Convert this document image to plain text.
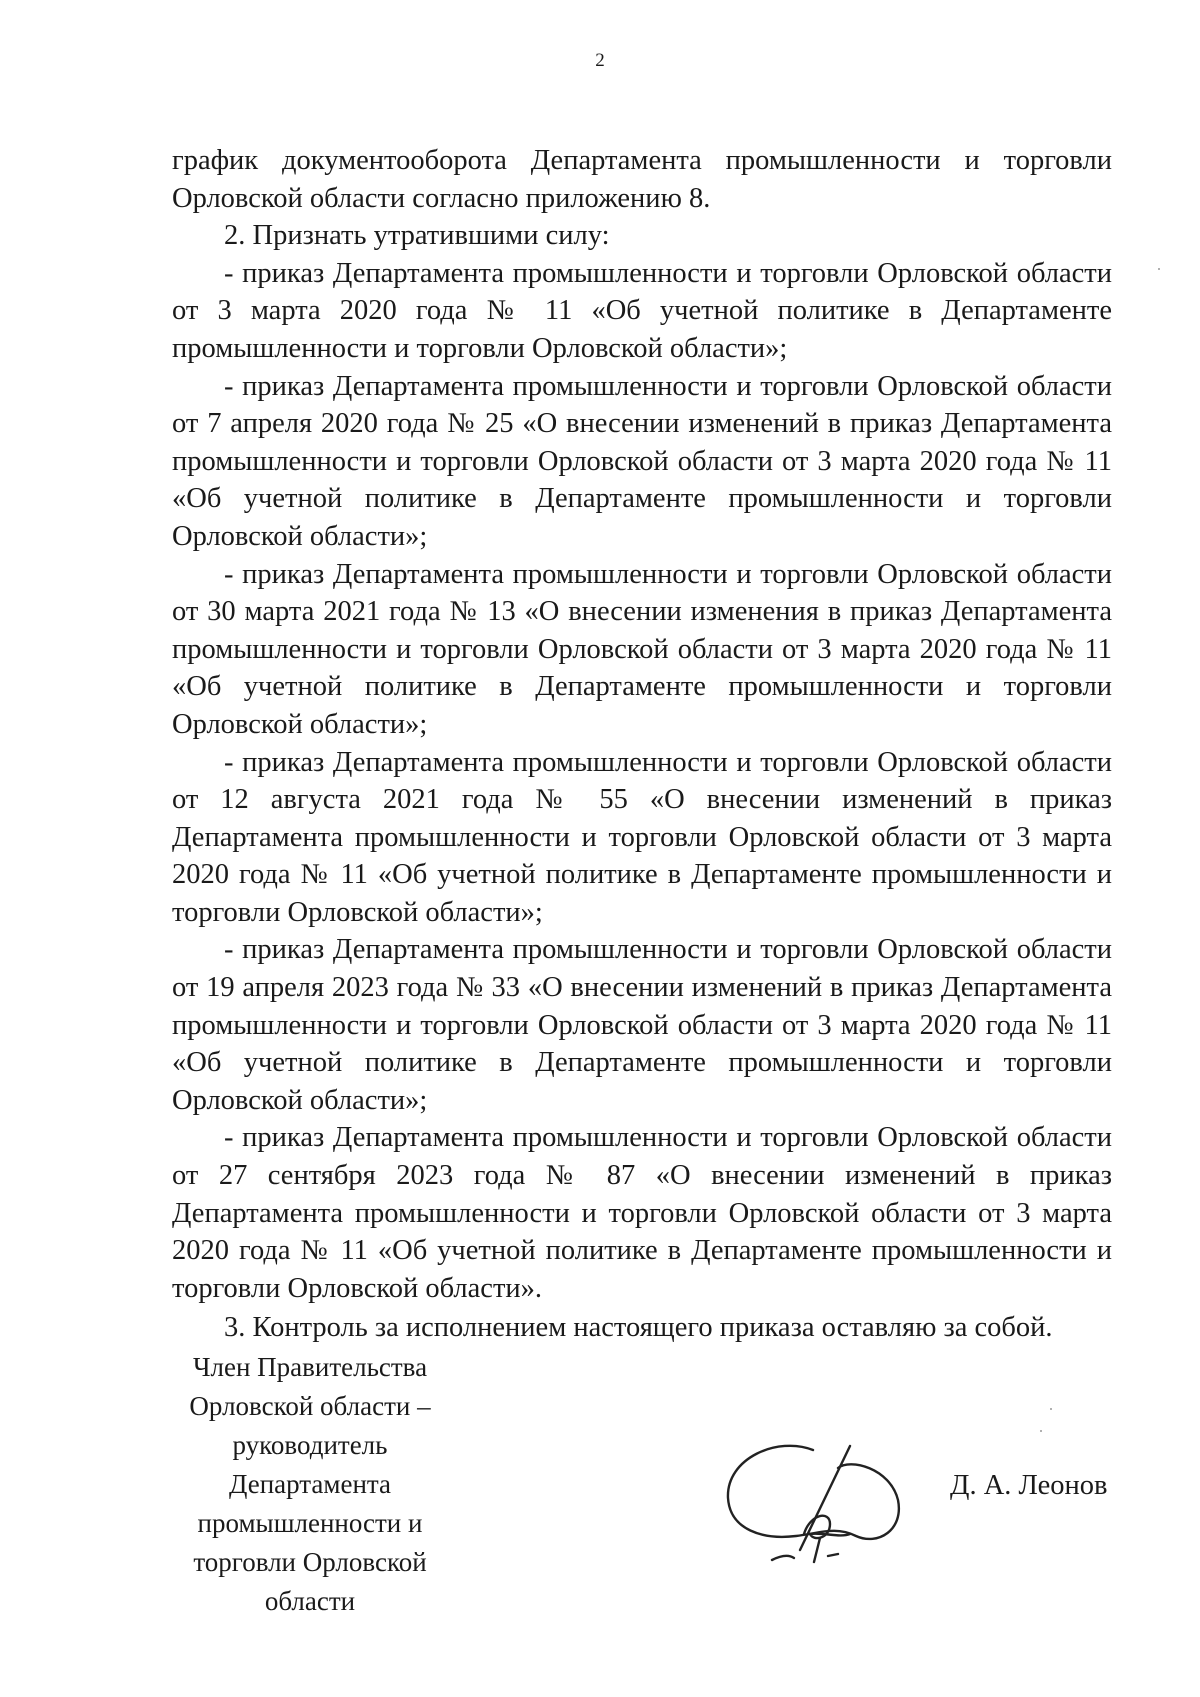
2

график документооборота Департамента промышленности и торговли Орловской области согласно приложению 8.

2. Признать утратившими силу:

- приказ Департамента промышленности и торговли Орловской области от 3 марта 2020 года № 11 «Об учетной политике в Департаменте промышленности и торговли Орловской области»;

- приказ Департамента промышленности и торговли Орловской области от 7 апреля 2020 года № 25 «О внесении изменений в приказ Департамента промышленности и торговли Орловской области от 3 марта 2020 года № 11 «Об учетной политике в Департаменте промышленности и торговли Орловской области»;

- приказ Департамента промышленности и торговли Орловской области от 30 марта 2021 года № 13 «О внесении изменения в приказ Департамента промышленности и торговли Орловской области от 3 марта 2020 года № 11 «Об учетной политике в Департаменте промышленности и торговли Орловской области»;

- приказ Департамента промышленности и торговли Орловской области от 12 августа 2021 года № 55 «О внесении изменений в приказ Департамента промышленности и торговли Орловской области от 3 марта 2020 года № 11 «Об учетной политике в Департаменте промышленности и торговли Орловской области»;

- приказ Департамента промышленности и торговли Орловской области от 19 апреля 2023 года № 33 «О внесении изменений в приказ Департамента промышленности и торговли Орловской области от 3 марта 2020 года № 11 «Об учетной политике в Департаменте промышленности и торговли Орловской области»;

- приказ Департамента промышленности и торговли Орловской области от 27 сентября 2023 года № 87 «О внесении изменений в приказ Департамента промышленности и торговли Орловской области от 3 марта 2020 года № 11 «Об учетной политике в Департаменте промышленности и торговли Орловской области».

3. Контроль за исполнением настоящего приказа оставляю за собой.

Член Правительства
Орловской области –
руководитель
Департамента
промышленности и
торговли Орловской
области
Д. А. Леонов
